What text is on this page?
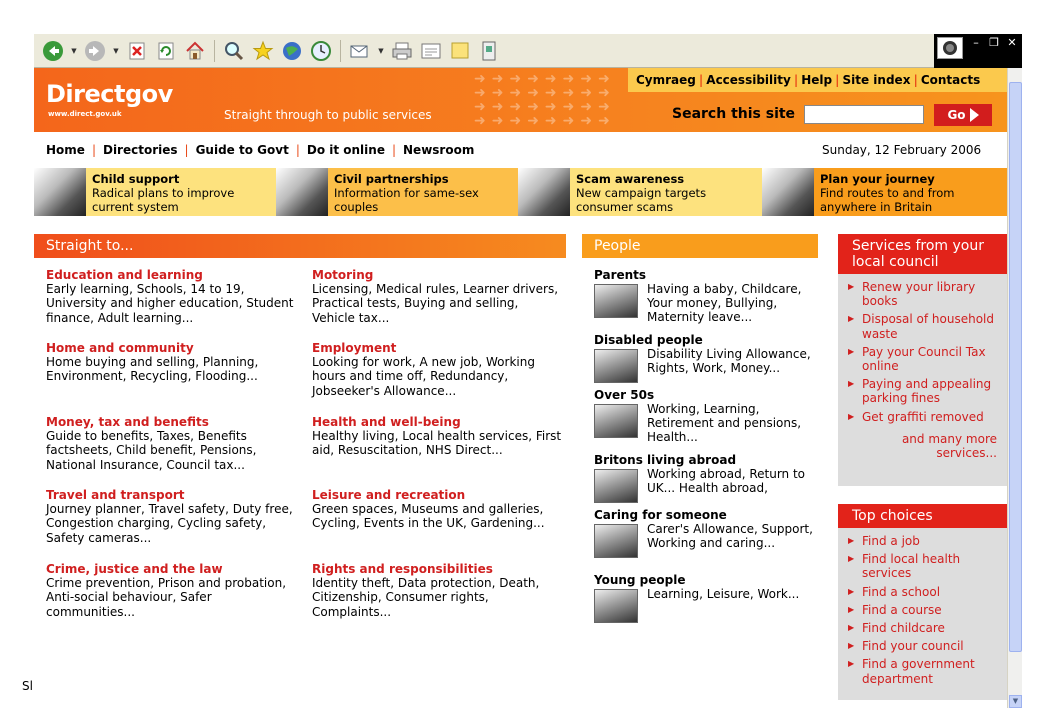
▼	▼	▼
– ❐ ✕
▼
➜➜➜➜➜➜➜➜ ➜➜➜➜➜➜➜➜ ➜➜➜➜➜➜➜➜ ➜➜➜➜➜➜➜➜
Directgov
www.direct.gov.uk	Straight through to public services
Cymraeg | Accessibility | Help | Site index | Contacts
Search this site	Go
Home | Directories | Guide to Govt | Do it online | Newsroom	Sunday, 12 February 2006
Child support
Radical plans to improve current system
Civil partnerships
Information for same-sex couples
Scam awareness
New campaign targets consumer scams
Plan your journey
Find routes to and from anywhere in Britain
Straight to...
Education and learning
Early learning, Schools, 14 to 19, University and higher education, Student finance, Adult learning...
Motoring
Licensing, Medical rules, Learner drivers, Practical tests, Buying and selling, Vehicle tax...
Home and community
Home buying and selling, Planning, Environment, Recycling, Flooding...
Employment
Looking for work, A new job, Working hours and time off, Redundancy, Jobseeker's Allowance...
Money, tax and benefits
Guide to benefits, Taxes, Benefits factsheets, Child benefit, Pensions, National Insurance, Council tax...
Health and well-being
Healthy living, Local health services, First aid, Resuscitation, NHS Direct...
Travel and transport
Journey planner, Travel safety, Duty free, Congestion charging, Cycling safety, Safety cameras...
Leisure and recreation
Green spaces, Museums and galleries, Cycling, Events in the UK, Gardening...
Crime, justice and the law
Crime prevention, Prison and probation, Anti-social behaviour, Safer communities...
Rights and responsibilities
Identity theft, Data protection, Death, Citizenship, Consumer rights, Complaints...
People
Parents
Having a baby, Childcare, Your money, Bullying, Maternity leave...
Disabled people
Disability Living Allowance, Rights, Work, Money...
Over 50s
Working, Learning, Retirement and pensions, Health...
Britons living abroad
Working abroad, Return to UK... Health abroad,
Caring for someone
Carer's Allowance, Support, Working and caring...
Young people
Learning, Leisure, Work...
Services from your local council
▶ Renew your library books
▶ Disposal of household waste
▶ Pay your Council Tax online
▶ Paying and appealing parking fines
▶ Get graffiti removed
and many more services...
Top choices
▶ Find a job
▶ Find local health services
▶ Find a school
▶ Find a course
▶ Find childcare
▶ Find your council
▶ Find a government department
Sl
